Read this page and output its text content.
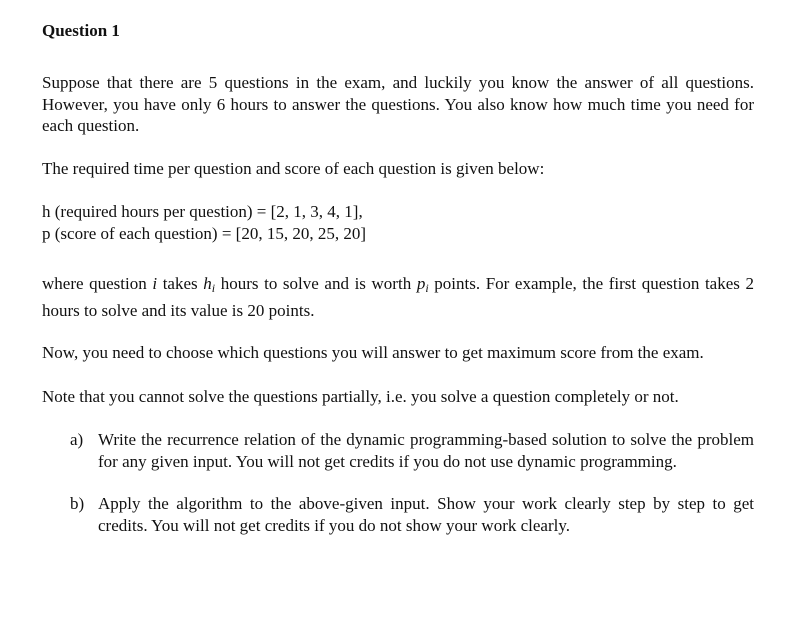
Question 1

Suppose that there are 5 questions in the exam, and luckily you know the answer of all questions. However, you have only 6 hours to answer the questions. You also know how much time you need for each question.

The required time per question and score of each question is given below:

h (required hours per question) = [2, 1, 3, 4, 1],
p (score of each question) = [20, 15, 20, 25, 20]

where question i takes $h_i$ hours to solve and is worth $p_i$ points. For example, the first question takes 2 hours to solve and its value is 20 points.

Now, you need to choose which questions you will answer to get maximum score from the exam.

Note that you cannot solve the questions partially, i.e. you solve a question completely or not.

a) Write the recurrence relation of the dynamic programming-based solution to solve the problem for any given input. You will not get credits if you do not use dynamic programming.
b) Apply the algorithm to the above-given input. Show your work clearly step by step to get credits. You will not get credits if you do not show your work clearly.
